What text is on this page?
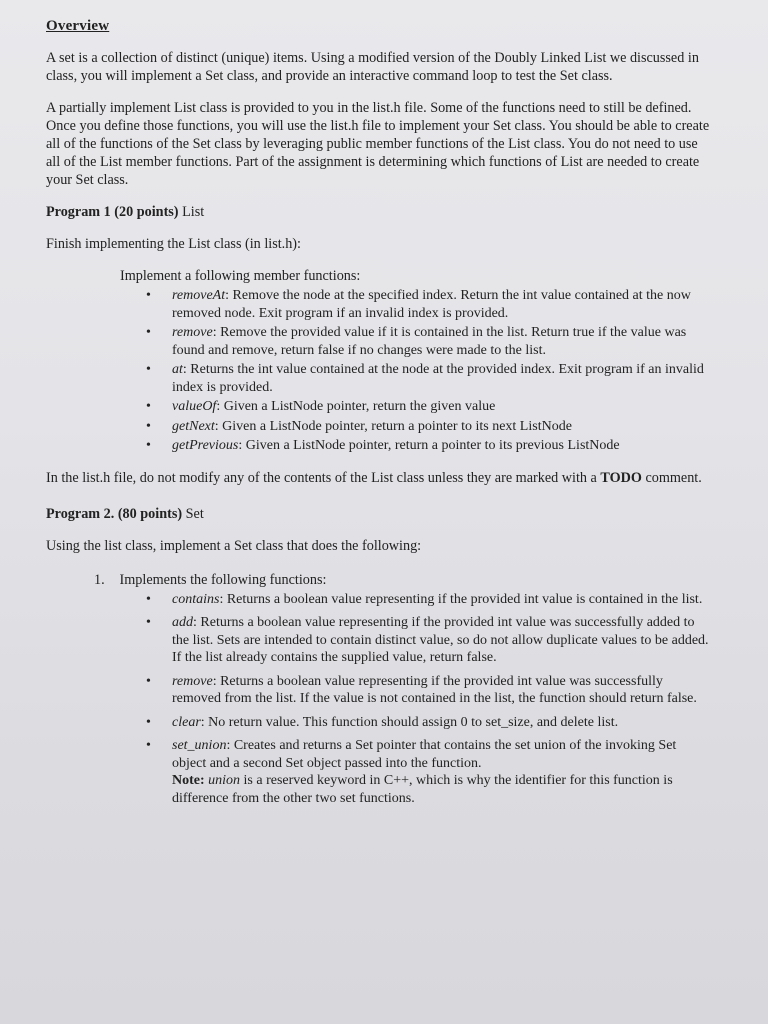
Overview

A set is a collection of distinct (unique) items. Using a modified version of the Doubly Linked List we discussed in class, you will implement a Set class, and provide an interactive command loop to test the Set class.

A partially implement List class is provided to you in the list.h file. Some of the functions need to still be defined. Once you define those functions, you will use the list.h file to implement your Set class. You should be able to create all of the functions of the Set class by leveraging public member functions of the List class. You do not need to use all of the List member functions. Part of the assignment is determining which functions of List are needed to create your Set class.

Program 1 (20 points) List

Finish implementing the List class (in list.h):

Implement a following member functions:
• removeAt: Remove the node at the specified index. Return the int value contained at the now removed node. Exit program if an invalid index is provided.
• remove: Remove the provided value if it is contained in the list. Return true if the value was found and remove, return false if no changes were made to the list.
• at: Returns the int value contained at the node at the provided index. Exit program if an invalid index is provided.
• valueOf: Given a ListNode pointer, return the given value
• getNext: Given a ListNode pointer, return a pointer to its next ListNode
• getPrevious: Given a ListNode pointer, return a pointer to its previous ListNode

In the list.h file, do not modify any of the contents of the List class unless they are marked with a TODO comment.

Program 2. (80 points) Set

Using the list class, implement a Set class that does the following:

1. Implements the following functions:
• contains: Returns a boolean value representing if the provided int value is contained in the list.
• add: Returns a boolean value representing if the provided int value was successfully added to the list. Sets are intended to contain distinct value, so do not allow duplicate values to be added. If the list already contains the supplied value, return false.
• remove: Returns a boolean value representing if the provided int value was successfully removed from the list. If the value is not contained in the list, the function should return false.
• clear: No return value. This function should assign 0 to set_size, and delete list.
• set_union: Creates and returns a Set pointer that contains the set union of the invoking Set object and a second Set object passed into the function.
Note: union is a reserved keyword in C++, which is why the identifier for this function is difference from the other two set functions.
